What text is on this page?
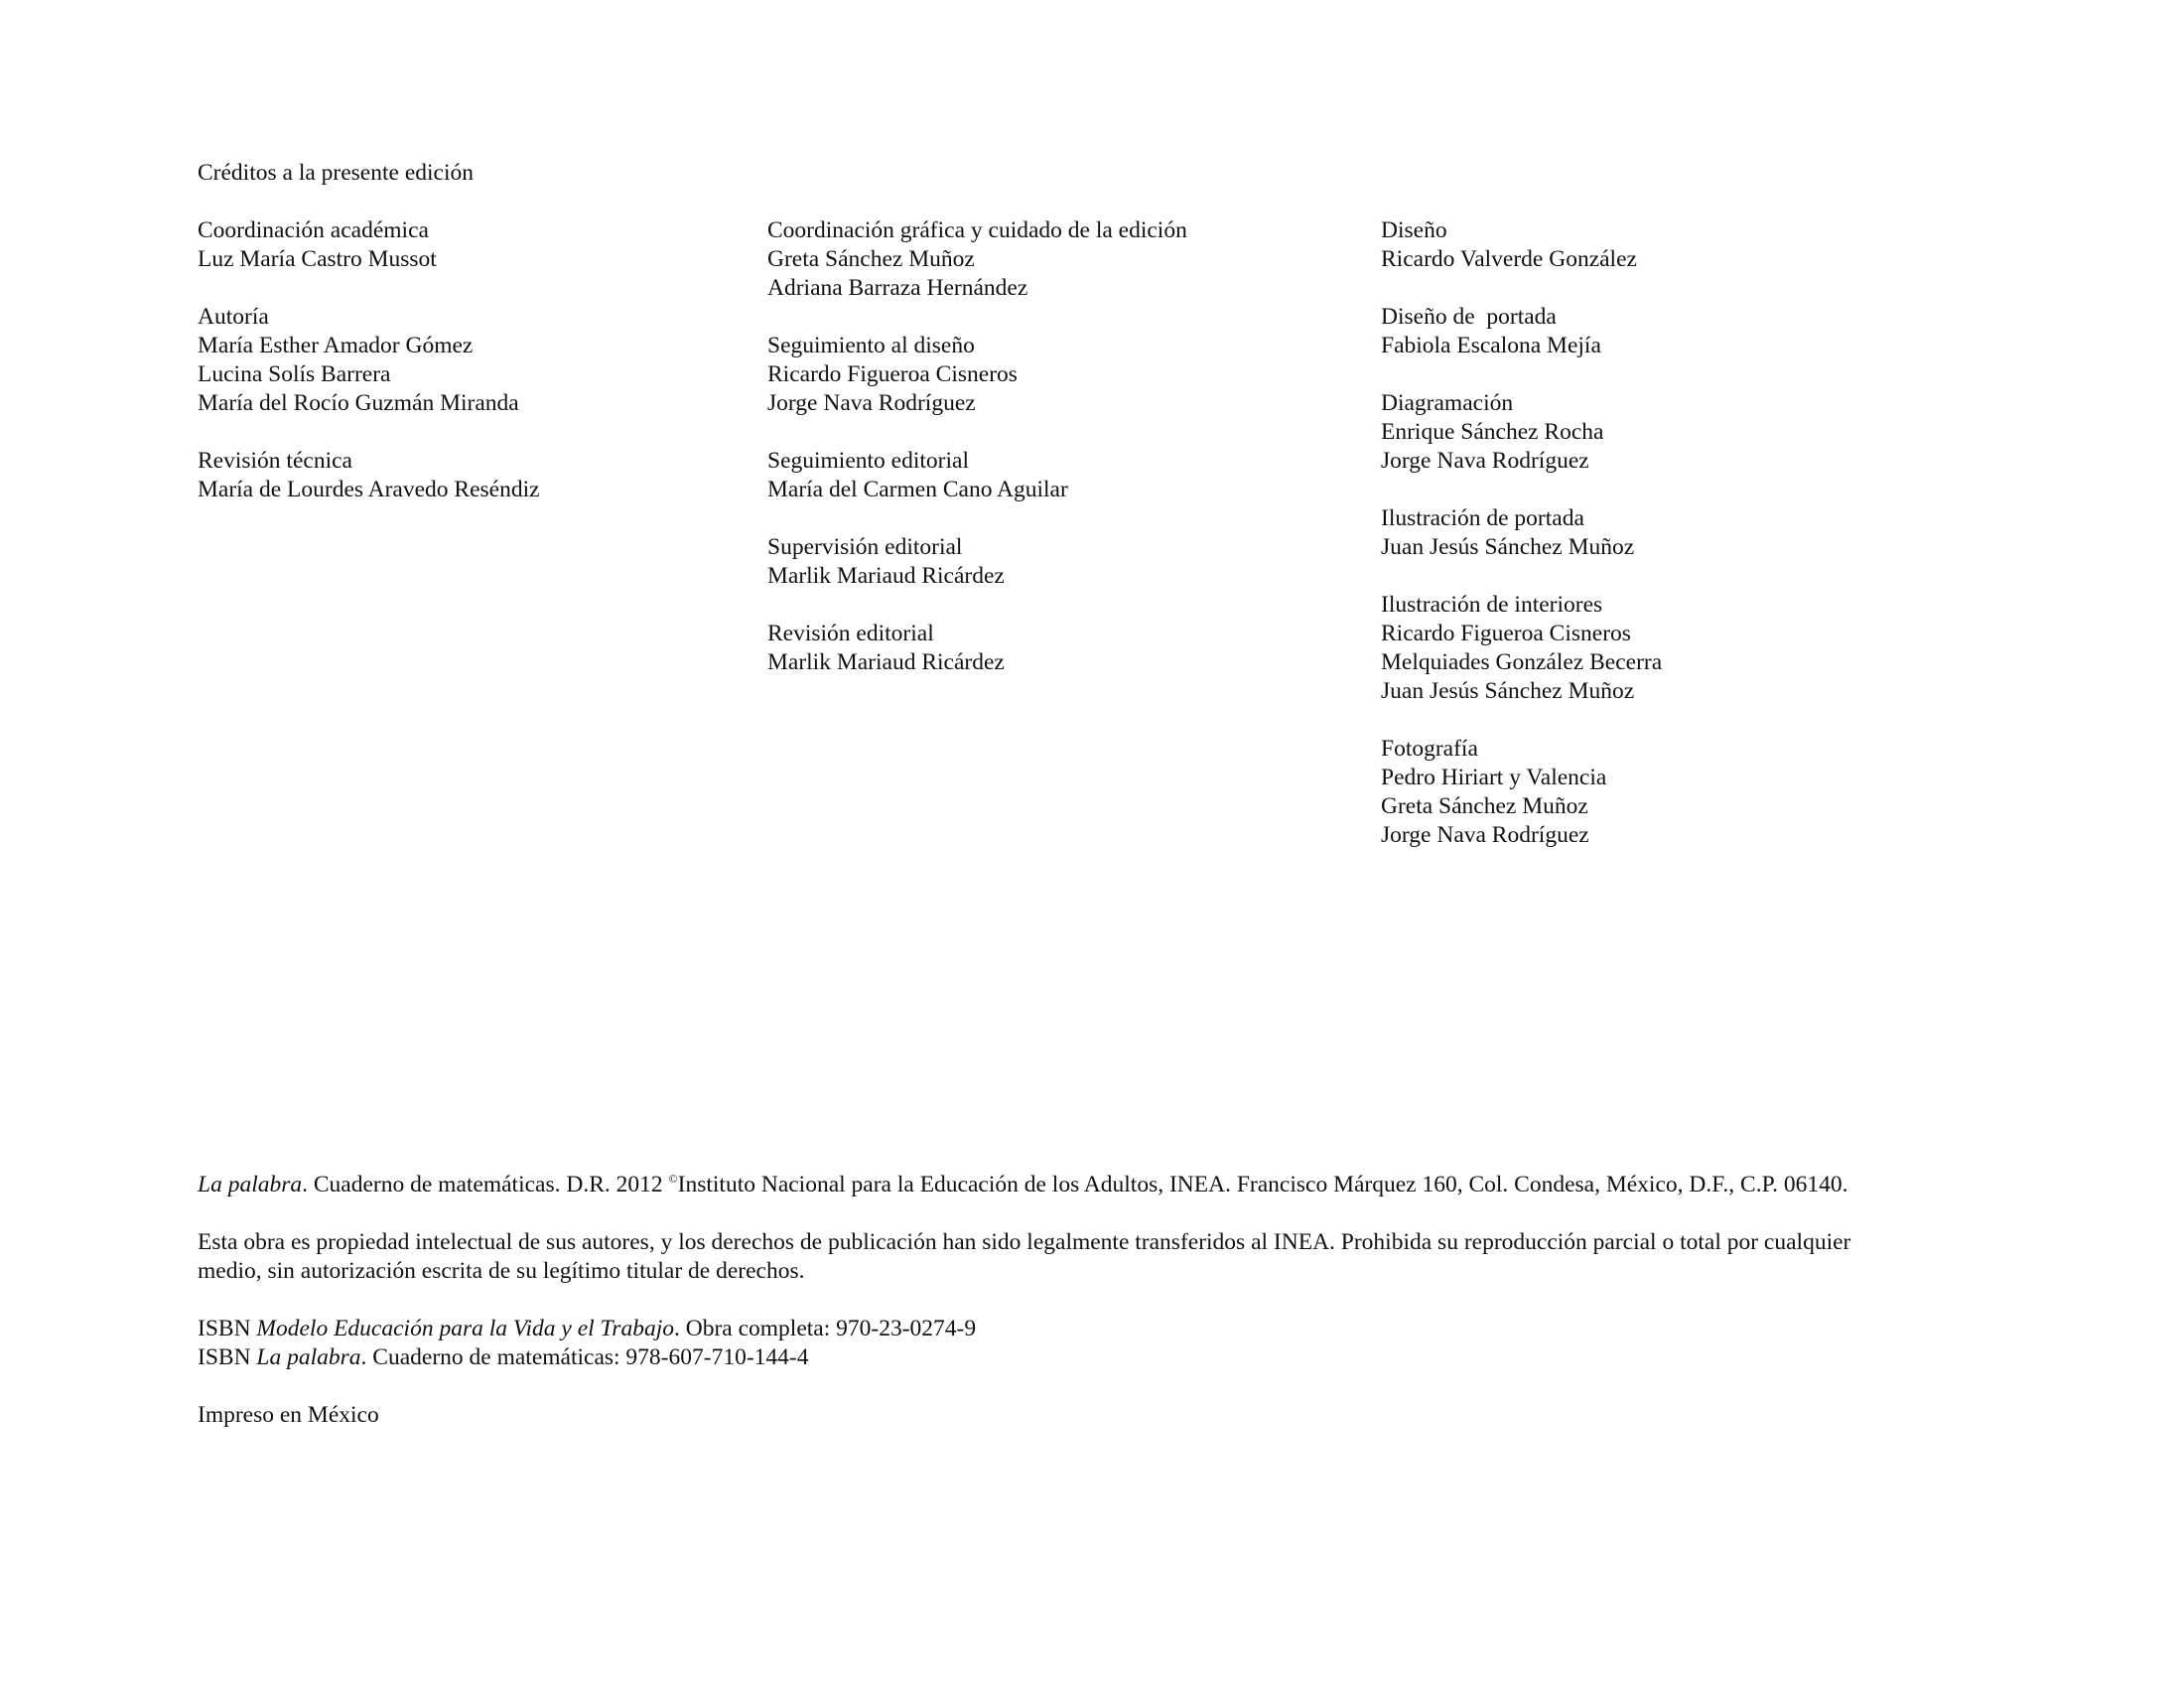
Créditos a la presente edición
Coordinación académica
Luz María Castro Mussot
Autoría
María Esther Amador Gómez
Lucina Solís Barrera
María del Rocío Guzmán Miranda
Revisión técnica
María de Lourdes Aravedo Reséndiz
Coordinación gráfica y cuidado de la edición
Greta Sánchez Muñoz
Adriana Barraza Hernández
Seguimiento al diseño
Ricardo Figueroa Cisneros
Jorge Nava Rodríguez
Seguimiento editorial
María del Carmen Cano Aguilar
Supervisión editorial
Marlik Mariaud Ricárdez
Revisión editorial
Marlik Mariaud Ricárdez
Diseño
Ricardo Valverde González
Diseño de  portada
Fabiola Escalona Mejía
Diagramación
Enrique Sánchez Rocha
Jorge Nava Rodríguez
Ilustración de portada
Juan Jesús Sánchez Muñoz
Ilustración de interiores
Ricardo Figueroa Cisneros
Melquiades González Becerra
Juan Jesús Sánchez Muñoz
Fotografía
Pedro Hiriart y Valencia
Greta Sánchez Muñoz
Jorge Nava Rodríguez

La palabra. Cuaderno de matemáticas. D.R. 2012 ©Instituto Nacional para la Educación de los Adultos, INEA. Francisco Márquez 160, Col. Condesa, México, D.F., C.P. 06140.

Esta obra es propiedad intelectual de sus autores, y los derechos de publicación han sido legalmente transferidos al INEA. Prohibida su reproducción parcial o total por cualquier
medio, sin autorización escrita de su legítimo titular de derechos.

ISBN Modelo Educación para la Vida y el Trabajo. Obra completa: 970-23-0274-9
ISBN La palabra. Cuaderno de matemáticas: 978-607-710-144-4

Impreso en México
